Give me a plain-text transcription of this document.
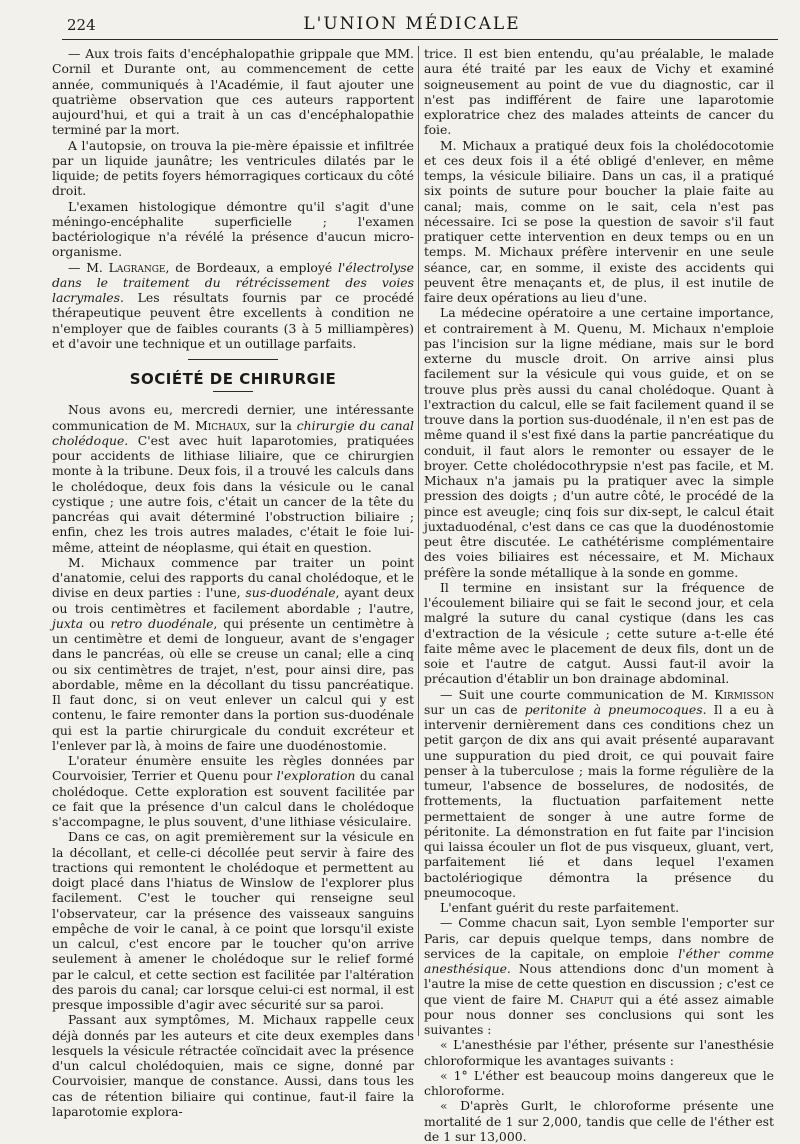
224	L'UNION MÉDICALE

— Aux trois faits d'encéphalopathie grippale que MM. Cornil et Durante ont, au commencement de cette année, communiqués à l'Académie, il faut ajouter une quatrième observation que ces auteurs rapportent aujourd'hui, et qui a trait à un cas d'encéphalopathie terminé par la mort.

A l'autopsie, on trouva la pie-mère épaissie et infiltrée par un liquide jaunâtre; les ventricules dilatés par le liquide; de petits foyers hémorragiques corticaux du côté droit.

L'examen histologique démontre qu'il s'agit d'une méningo-encéphalite superficielle ; l'examen bactériologique n'a révélé la présence d'aucun micro-organisme.

— M. Lagrange, de Bordeaux, a employé l'électrolyse dans le traitement du rétrécissement des voies lacrymales. Les résultats fournis par ce procédé thérapeutique peuvent être excellents à condition ne n'employer que de faibles courants (3 à 5 milliampères) et d'avoir une technique et un outillage parfaits.

SOCIÉTÉ DE CHIRURGIE

Nous avons eu, mercredi dernier, une intéressante communication de M. Michaux, sur la chirurgie du canal cholédoque. C'est avec huit laparotomies, pratiquées pour accidents de lithiase liliaire, que ce chirurgien monte à la tribune. Deux fois, il a trouvé les calculs dans le cholédoque, deux fois dans la vésicule ou le canal cystique ; une autre fois, c'était un cancer de la tête du pancréas qui avait déterminé l'obstruction biliaire ; enfin, chez les trois autres malades, c'était le foie lui-même, atteint de néoplasme, qui était en question.

M. Michaux commence par traiter un point d'anatomie, celui des rapports du canal cholédoque, et le divise en deux parties : l'une, sus-duodénale, ayant deux ou trois centimètres et facilement abordable ; l'autre, juxta ou retro duodénale, qui présente un centimètre à un centimètre et demi de longueur, avant de s'engager dans le pancréas, où elle se creuse un canal; elle a cinq ou six centimètres de trajet, n'est, pour ainsi dire, pas abordable, même en la décollant du tissu pancréatique. Il faut donc, si on veut enlever un calcul qui y est contenu, le faire remonter dans la portion sus-duodénale qui est la partie chirurgicale du conduit excréteur et l'enlever par là, à moins de faire une duodénostomie.

L'orateur énumère ensuite les règles données par Courvoisier, Terrier et Quenu pour l'exploration du canal cholédoque. Cette exploration est souvent facilitée par ce fait que la présence d'un calcul dans le cholédoque s'accompagne, le plus souvent, d'une lithiase vésiculaire.

Dans ce cas, on agit premièrement sur la vésicule en la décollant, et celle-ci décollée peut servir à faire des tractions qui remontent le cholédoque et permettent au doigt placé dans l'hiatus de Winslow de l'explorer plus facilement. C'est le toucher qui renseigne seul l'observateur, car la présence des vaisseaux sanguins empêche de voir le canal, à ce point que lorsqu'il existe un calcul, c'est encore par le toucher qu'on arrive seulement à amener le cholédoque sur le relief formé par le calcul, et cette section est facilitée par l'altération des parois du canal; car lorsque celui-ci est normal, il est presque impossible d'agir avec sécurité sur sa paroi.

Passant aux symptômes, M. Michaux rappelle ceux déjà donnés par les auteurs et cite deux exemples dans lesquels la vésicule rétractée coïncidait avec la présence d'un calcul cholédoquien, mais ce signe, donné par Courvoisier, manque de constance. Aussi, dans tous les cas de rétention biliaire qui continue, faut-il faire la laparotomie explora-

trice. Il est bien entendu, qu'au préalable, le malade aura été traité par les eaux de Vichy et examiné soigneusement au point de vue du diagnostic, car il n'est pas indifférent de faire une laparotomie exploratrice chez des malades atteints de cancer du foie.

M. Michaux a pratiqué deux fois la cholédocotomie et ces deux fois il a été obligé d'enlever, en même temps, la vésicule biliaire. Dans un cas, il a pratiqué six points de suture pour boucher la plaie faite au canal; mais, comme on le sait, cela n'est pas nécessaire. Ici se pose la question de savoir s'il faut pratiquer cette intervention en deux temps ou en un temps. M. Michaux préfère intervenir en une seule séance, car, en somme, il existe des accidents qui peuvent être menaçants et, de plus, il est inutile de faire deux opérations au lieu d'une.

La médecine opératoire a une certaine importance, et contrairement à M. Quenu, M. Michaux n'emploie pas l'incision sur la ligne médiane, mais sur le bord externe du muscle droit. On arrive ainsi plus facilement sur la vésicule qui vous guide, et on se trouve plus près aussi du canal cholédoque. Quant à l'extraction du calcul, elle se fait facilement quand il se trouve dans la portion sus-duodénale, il n'en est pas de même quand il s'est fixé dans la partie pancréatique du conduit, il faut alors le remonter ou essayer de le broyer. Cette cholédocothrypsie n'est pas facile, et M. Michaux n'a jamais pu la pratiquer avec la simple pression des doigts ; d'un autre côté, le procédé de la pince est aveugle; cinq fois sur dix-sept, le calcul était juxtaduodénal, c'est dans ce cas que la duodénostomie peut être discutée. Le cathétérisme complémentaire des voies biliaires est nécessaire, et M. Michaux préfère la sonde métallique à la sonde en gomme.

Il termine en insistant sur la fréquence de l'écoulement biliaire qui se fait le second jour, et cela malgré la suture du canal cystique (dans les cas d'extraction de la vésicule ; cette suture a-t-elle été faite même avec le placement de deux fils, dont un de soie et l'autre de catgut. Aussi faut-il avoir la précaution d'établir un bon drainage abdominal.

— Suit une courte communication de M. Kirmisson sur un cas de peritonite à pneumocoques. Il a eu à intervenir dernièrement dans ces conditions chez un petit garçon de dix ans qui avait présenté auparavant une suppuration du pied droit, ce qui pouvait faire penser à la tuberculose ; mais la forme régulière de la tumeur, l'absence de bosselures, de nodosités, de frottements, la fluctuation parfaitement nette permettaient de songer à une autre forme de péritonite. La démonstration en fut faite par l'incision qui laissa écouler un flot de pus visqueux, gluant, vert, parfaitement lié et dans lequel l'examen bactolériogique démontra la présence du pneumocoque.

L'enfant guérit du reste parfaitement.

— Comme chacun sait, Lyon semble l'emporter sur Paris, car depuis quelque temps, dans nombre de services de la capitale, on emploie l'éther comme anesthésique. Nous attendions donc d'un moment à l'autre la mise de cette question en discussion ; c'est ce que vient de faire M. Chaput qui a été assez aimable pour nous donner ses conclusions qui sont les suivantes :

« L'anesthésie par l'éther, présente sur l'anesthésie chloroformique les avantages suivants :

« 1° L'éther est beaucoup moins dangereux que le chloroforme.

« D'après Gurlt, le chloroforme présente une mortalité de 1 sur 2,000, tandis que celle de l'éther est de 1 sur 13,000.
